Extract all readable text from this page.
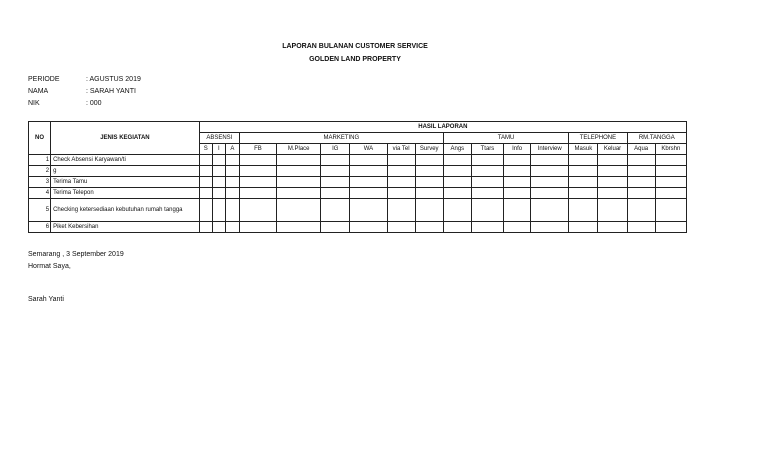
LAPORAN BULANAN CUSTOMER SERVICE
GOLDEN LAND PROPERTY
PERIODE	: AGUSTUS 2019
NAMA	: SARAH YANTI
NIK	: 000
NO	JENIS KEGIATAN	HASIL LAPORAN																
		ABSENSI			MARKETING						TAMU				TELEPHONE		RM.TANGGA	
		S	I	A	FB	M.Place	IG	WA	via Tel	Survey	Angs	Ttars	Info	Interview	Masuk	Keluar	Aqua	Kbrshn
1	Check Absensi Karyawan/ti																	
2	g																	
3	Terima Tamu																	
4	Terima Telepon																	
5	Checking ketersediaan kebutuhan rumah tangga																	
6	Piket Kebersihan																	
Semarang , 3 September 2019
Hormat Saya,
Sarah Yanti
